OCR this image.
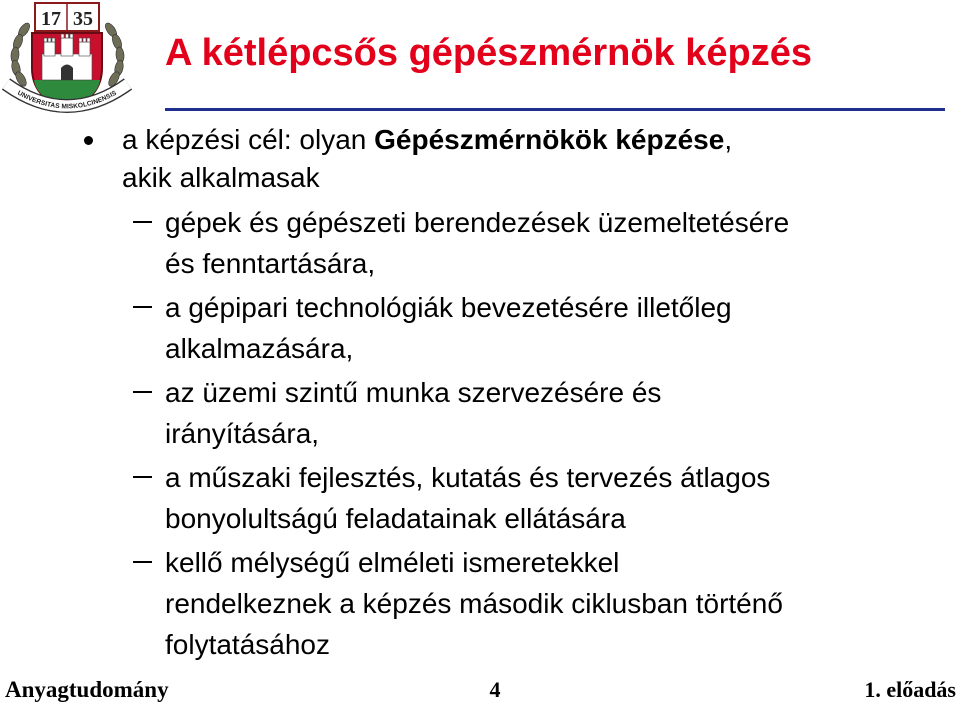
17 35
UNIVERSITAS MISKOLCINENSIS
A kétlépcsős gépészmérnök képzés
a képzési cél: olyan Gépészmérnökök képzése,
akik alkalmasak
gépek és gépészeti berendezések üzemeltetésére
és fenntartására,
a gépipari technológiák bevezetésére illetőleg
alkalmazására,
az üzemi szintű munka szervezésére és
irányítására,
a műszaki fejlesztés, kutatás és tervezés átlagos
bonyolultságú feladatainak ellátására
kellő mélységű elméleti ismeretekkel
rendelkeznek a képzés második ciklusban történő
folytatásához
Anyagtudomány	4	1. előadás
